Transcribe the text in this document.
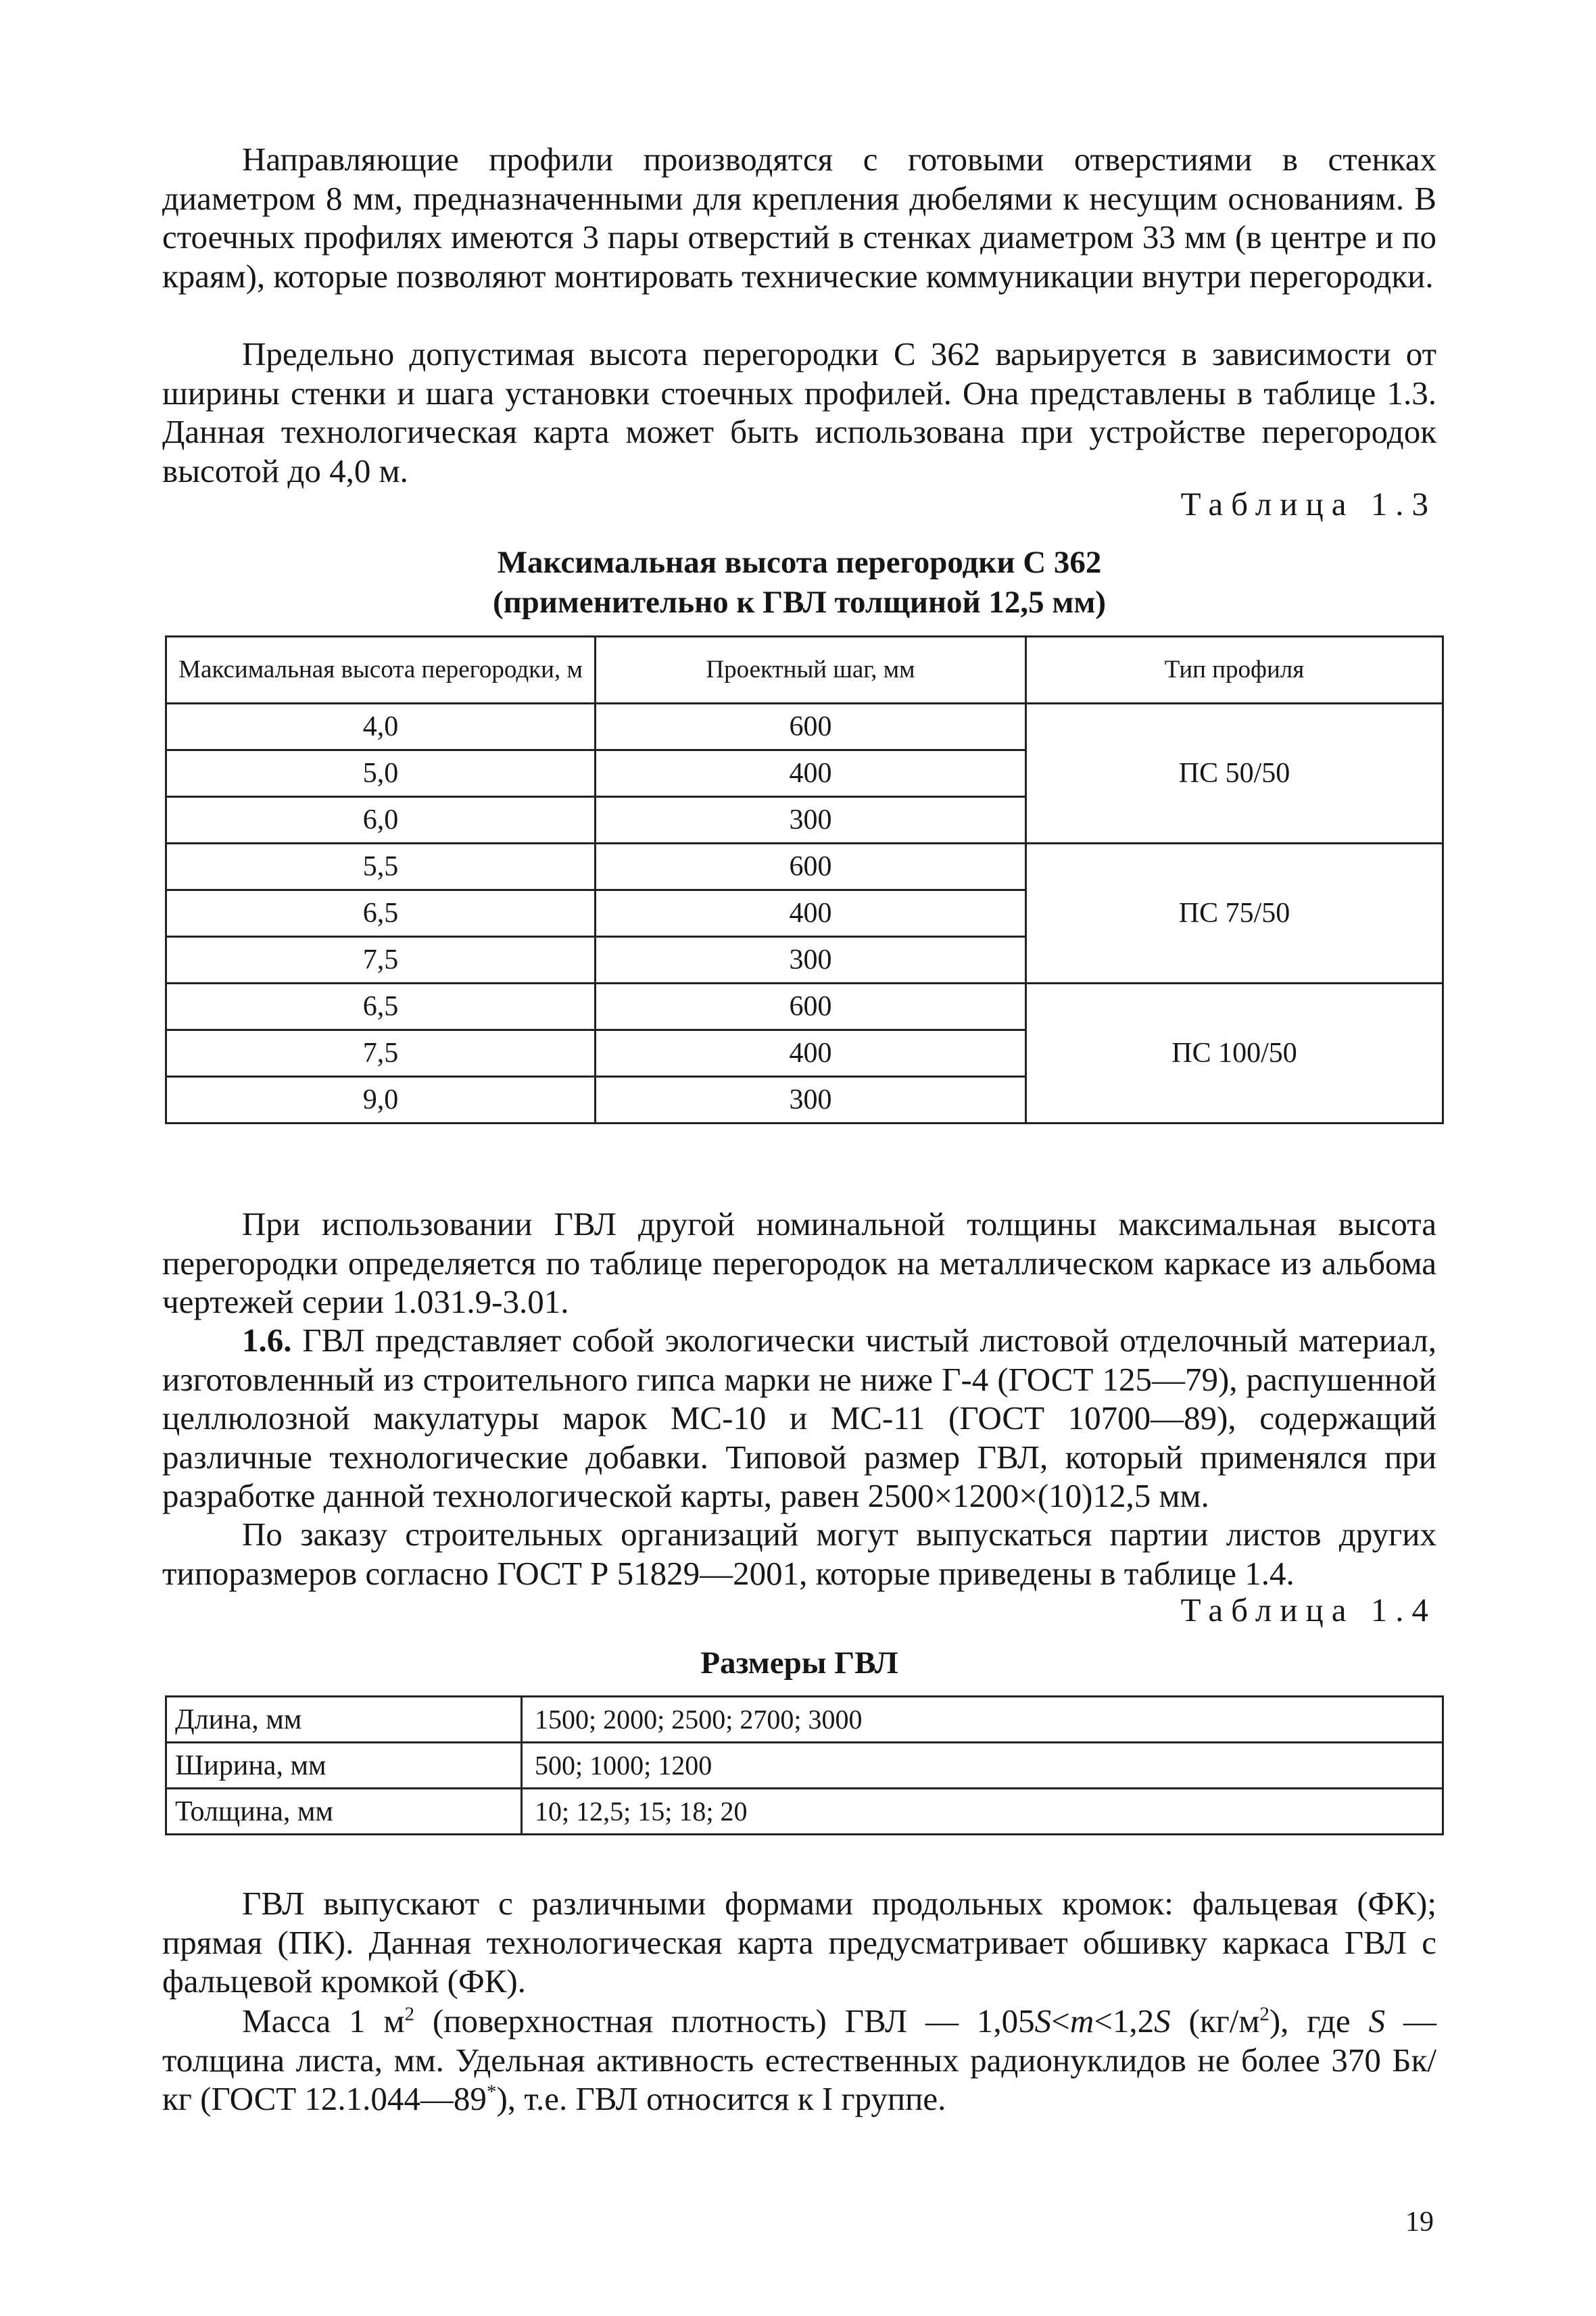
Направляющие профили производятся с готовыми отверстиями в стенках диаметром 8 мм, предназначенными для крепления дюбелями к несущим основаниям. В стоечных профилях имеются 3 пары отверстий в стенках диаметром 33 мм (в центре и по краям), которые позволяют монтировать технические коммуникации внутри перегородки.

Предельно допустимая высота перегородки С 362 варьируется в зависимости от ширины стенки и шага установки стоечных профилей. Она представлены в таблице 1.3. Данная технологическая карта может быть использована при устройстве перегородок высотой до 4,0 м.

Таблица 1.3

Максимальная высота перегородки С 362

(применительно к ГВЛ толщиной 12,5 мм)

Максимальная высота перегородки, м	Проектный шаг, мм	Тип профиля
4,0	600	ПС 50/50
5,0	400	
6,0	300	
5,5	600	ПС 75/50
6,5	400	
7,5	300	
6,5	600	ПС 100/50
7,5	400	
9,0	300	

При использовании ГВЛ другой номинальной толщины максимальная высота перегородки определяется по таблице перегородок на металлическом каркасе из альбома чертежей серии 1.031.9-3.01.

1.6. ГВЛ представляет собой экологически чистый листовой отделочный материал, изготовленный из строительного гипса марки не ниже Г-4 (ГОСТ 125—79), распушенной целлюлозной макулатуры марок МС-10 и МС-11 (ГОСТ 10700—89), содержащий различные технологические добавки. Типовой размер ГВЛ, который применялся при разработке данной технологической карты, равен 2500×1200×(10)12,5 мм.

По заказу строительных организаций могут выпускаться партии листов других типоразмеров согласно ГОСТ Р 51829—2001, которые приведены в таблице 1.4.

Таблица 1.4

Размеры ГВЛ

Длина, мм	1500; 2000; 2500; 2700; 3000
Ширина, мм	500; 1000; 1200
Толщина, мм	10; 12,5; 15; 18; 20

ГВЛ выпускают с различными формами продольных кромок: фальцевая (ФК); прямая (ПК). Данная технологическая карта предусматривает обшивку каркаса ГВЛ с фальцевой кромкой (ФК).

Масса 1 $м^2$ (поверхностная плотность) ГВЛ — 1,05S<m<1,2S $(кг/м^2)$, где S — толщина листа, мм. Удельная активность естественных радионуклидов не более 370 Бк/кг (ГОСТ 12.1.044—89*), т.е. ГВЛ относится к I группе.

19
